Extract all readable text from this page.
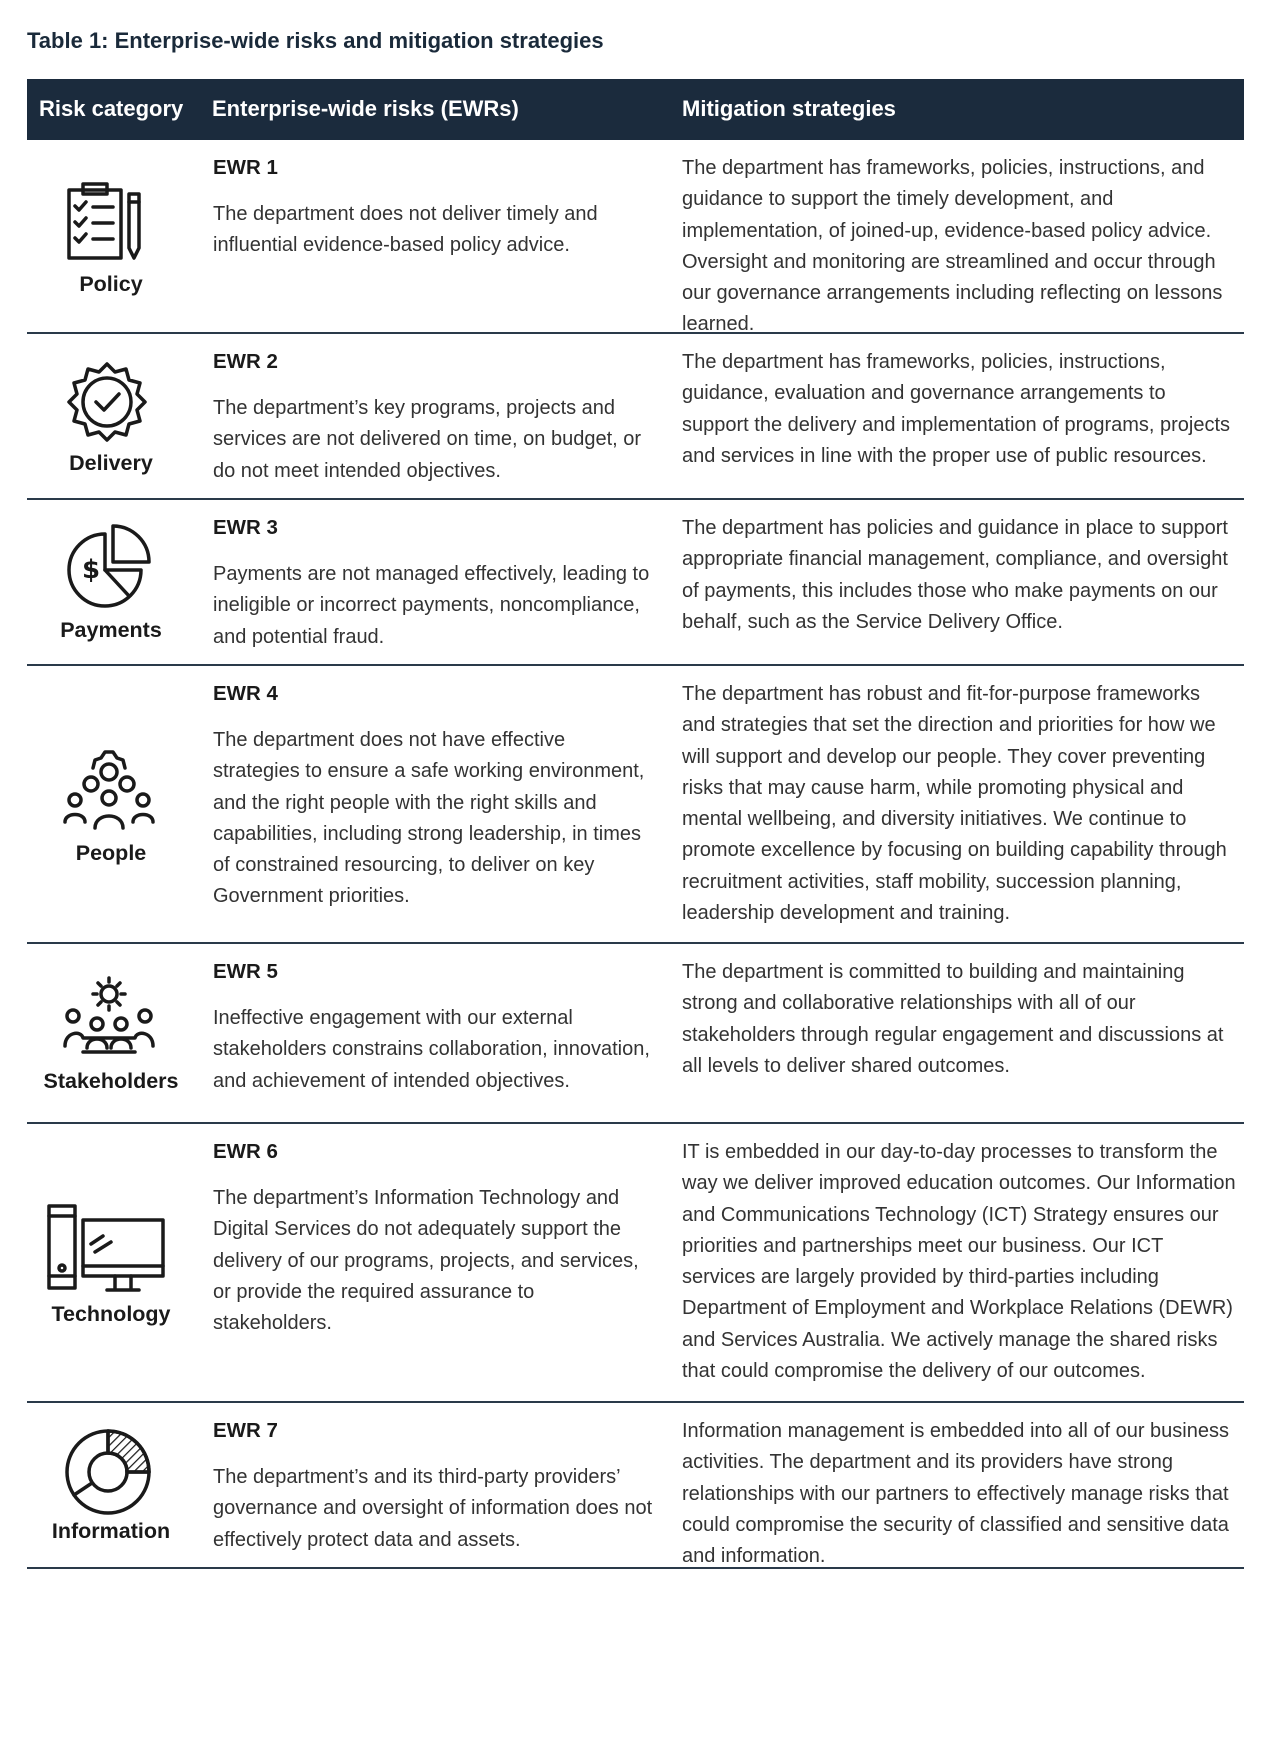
Table 1: Enterprise-wide risks and mitigation strategies
Risk category Enterprise-wide risks (EWRs)	Mitigation strategies
Policy
EWR 1
The department does not deliver timely and influential evidence-based policy advice.
The department has frameworks, policies, instructions, and guidance to support the timely development, and implementation, of joined-up, evidence-based policy advice. Oversight and monitoring are streamlined and occur through our governance arrangements including reflecting on lessons learned.
Delivery
EWR 2
The department’s key programs, projects and services are not delivered on time, on budget, or do not meet intended objectives.
The department has frameworks, policies, instructions, guidance, evaluation and governance arrangements to support the delivery and implementation of programs, projects and services in line with the proper use of public resources.
$
Payments
EWR 3
Payments are not managed effectively, leading to ineligible or incorrect payments, noncompliance, and potential fraud.
The department has policies and guidance in place to support appropriate financial management, compliance, and oversight of payments, this includes those who make payments on our behalf, such as the Service Delivery Office.
People
EWR 4
The department does not have effective strategies to ensure a safe working environment, and the right people with the right skills and capabilities, including strong leadership, in times of constrained resourcing, to deliver on key Government priorities.
The department has robust and fit-for-purpose frameworks and strategies that set the direction and priorities for how we will support and develop our people. They cover preventing risks that may cause harm, while promoting physical and mental wellbeing, and diversity initiatives. We continue to promote excellence by focusing on building capability through recruitment activities, staff mobility, succession planning, leadership development and training.
Stakeholders
EWR 5
Ineffective engagement with our external stakeholders constrains collaboration, innovation, and achievement of intended objectives.
The department is committed to building and maintaining strong and collaborative relationships with all of our stakeholders through regular engagement and discussions at all levels to deliver shared outcomes.
Technology
EWR 6
The department’s Information Technology and Digital Services do not adequately support the delivery of our programs, projects, and services, or provide the required assurance to stakeholders.
IT is embedded in our day-to-day processes to transform the way we deliver improved education outcomes. Our Information and Communications Technology (ICT) Strategy ensures our priorities and partnerships meet our business. Our ICT services are largely provided by third-parties including Department of Employment and Workplace Relations (DEWR) and Services Australia. We actively manage the shared risks that could compromise the delivery of our outcomes.
Information
EWR 7
The department’s and its third-party providers’ governance and oversight of information does not effectively protect data and assets.
Information management is embedded into all of our business activities. The department and its providers have strong relationships with our partners to effectively manage risks that could compromise the security of classified and sensitive data and information.
